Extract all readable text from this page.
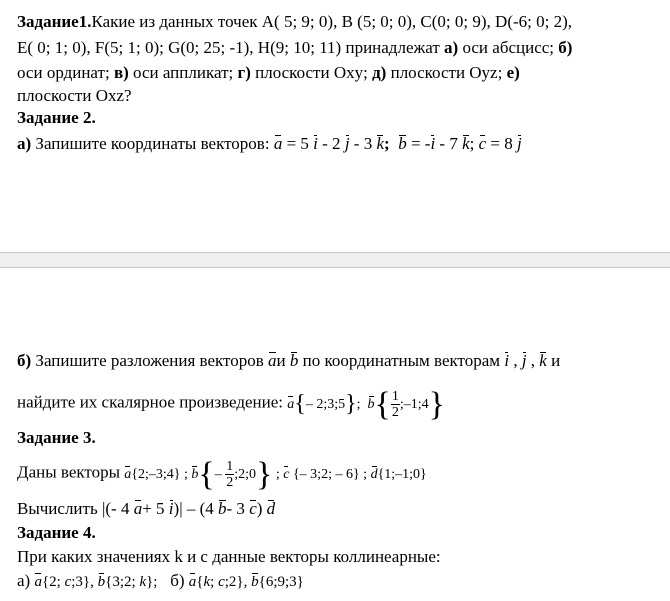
Задание1.Какие из данных точек A( 5; 9; 0), B (5; 0; 0), C(0; 0; 9), D(-6; 0; 2),
E( 0; 1; 0), F(5; 1; 0); G(0; 25; -1), H(9; 10; 11) принадлежат а) оси абсцисс; б)
оси ординат; в) оси аппликат; г) плоскости Оxy; д) плоскости Оyz; е)
плоскости Оxz?
Задание 2.
а) Запишите координаты векторов: a = 5 i - 2 j - 3 k; b = -i - 7 k; c = 8 j
б) Запишите разложения векторов aи b по координатным векторам i , j , k и
найдите их скалярное произведение: a{– 2;3;5};  $b\{ \frac{1}{2}$ ;–1;4}
Задание 3.
Даны векторы a{2;–3;4} ; $b\{- \frac{1}{2}$ ;2;0} ; c {– 3;2; – 6} ; d{1;–1;0}
Вычислить |(- 4 a+ 5 i)| – (4 b- 3 c) d
Задание 4.
При каких значениях k и с данные векторы коллинеарные:
а) a{2; c;3}, b{3;2; k}; б) a{k; c;2}, b{6;9;3}
